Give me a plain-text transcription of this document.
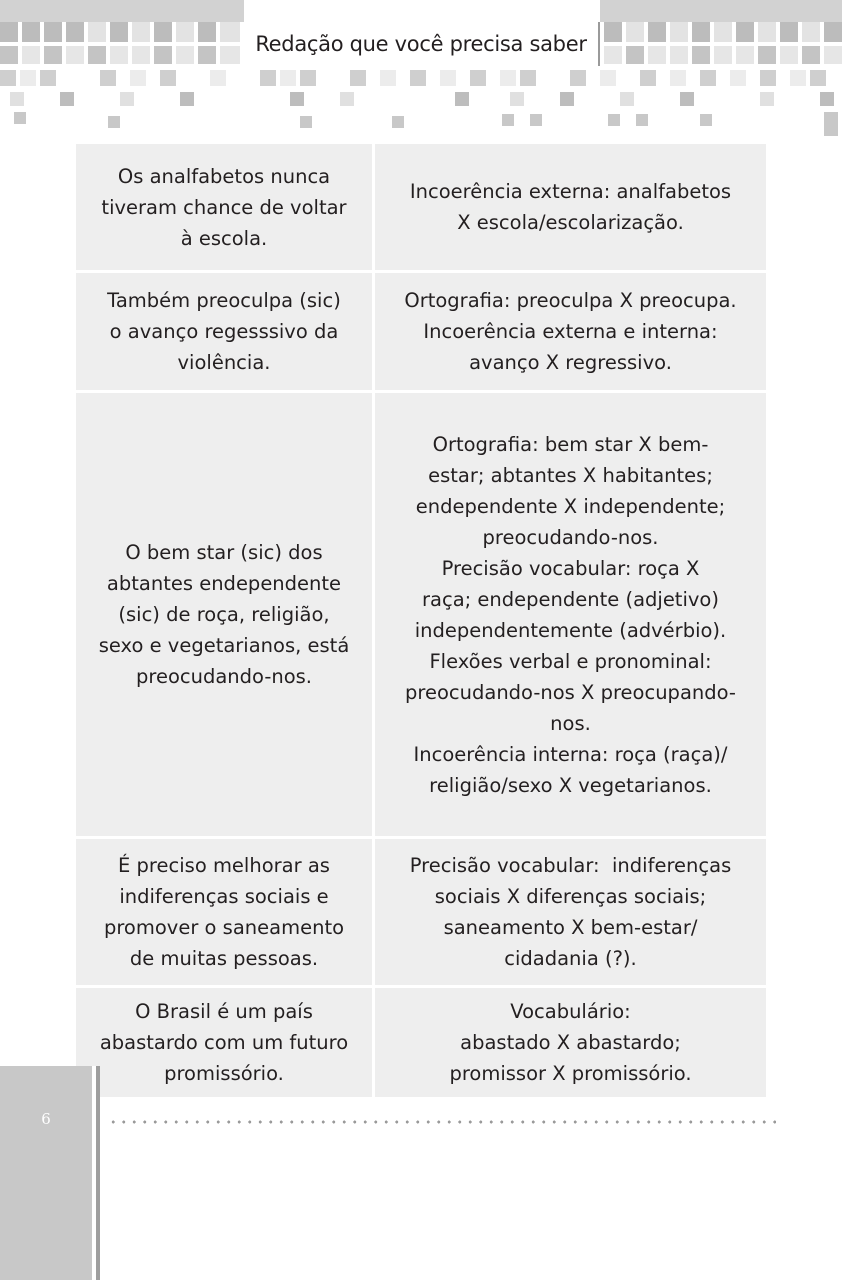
Redação que você precisa saber
Os analfabetos nunca
tiveram chance de voltar
à escola.
Incoerência externa: analfabetos
X escola/escolarização.
Também preoculpa (sic)
o avanço regesssivo da
violência.
Ortografia: preoculpa X preocupa.
Incoerência externa e interna:
avanço X regressivo.
O bem star (sic) dos
abtantes endependente
(sic) de roça, religião,
sexo e vegetarianos, está
preocudando-nos.
Ortografia: bem star X bem-
estar; abtantes X habitantes;
endependente X independente;
preocudando-nos.
Precisão vocabular: roça X
raça; endependente (adjetivo)
independentemente (advérbio).
Flexões verbal e pronominal:
preocudando-nos X preocupando-
nos.
Incoerência interna: roça (raça)/
religião/sexo X vegetarianos.
É preciso melhorar as
indiferenças sociais e
promover o saneamento
de muitas pessoas.
Precisão vocabular:  indiferenças
sociais X diferenças sociais;
saneamento X bem-estar/
cidadania (?).
O Brasil é um país
abastardo com um futuro
promissório.
Vocabulário:
abastado X abastardo;
promissor X promissório.
6
